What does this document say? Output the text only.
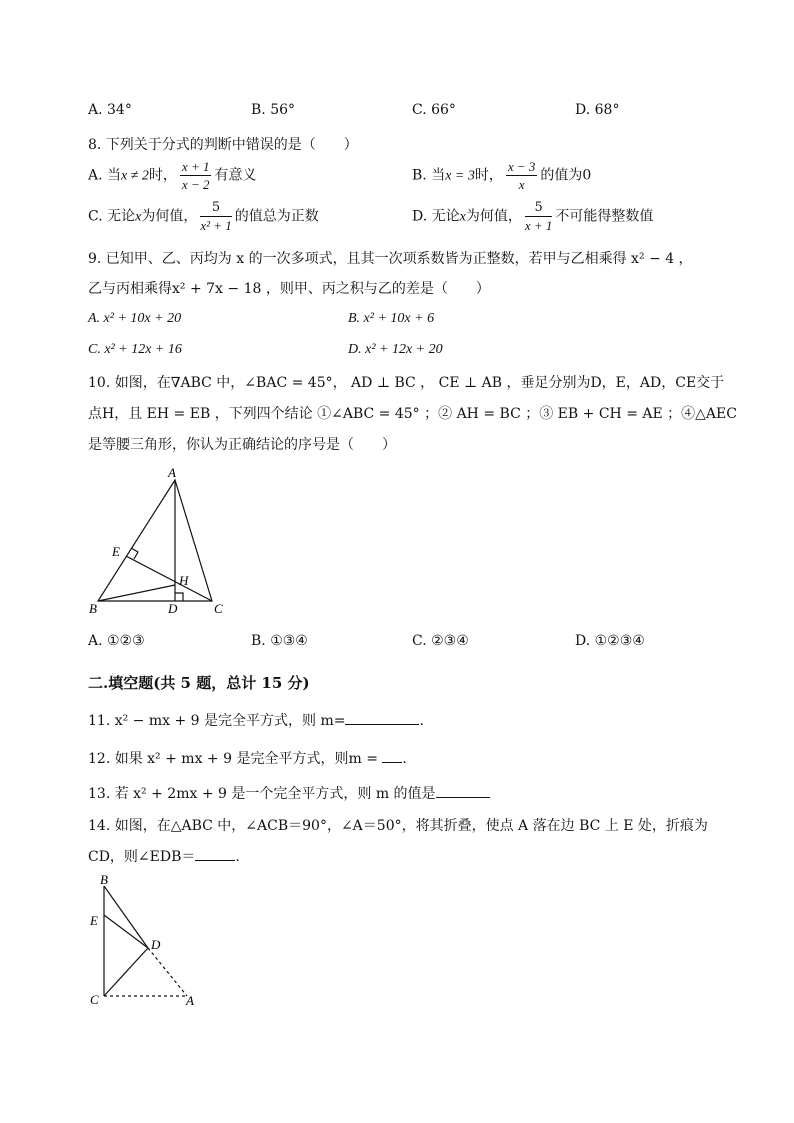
A. 34°	B. 56°	C. 66°	D. 68°
8. 下列关于分式的判断中错误的是（　　）
A. 当x ≠ 2时， $\frac{x + 1}{x - 2}$ 有意义	B. 当x = 3时， $\frac{x - 3}{x}$ 的值为0
C. 无论x为何值， $\frac{5}{\text{x² + 1}}$ 的值总为正数	D. 无论x为何值， $\frac{5}{x + 1}$ 不可能得整数值
9. 已知甲、乙、丙均为 x 的一次多项式，且其一次项系数皆为正整数，若甲与乙相乘得 x² − 4 ，
乙与丙相乘得x² + 7x − 18 ，则甲、丙之积与乙的差是（　　）
A. x² + 10x + 20	B. x² + 10x + 6
C. x² + 12x + 16	D. x² + 12x + 20
10. 如图，在∇ABC 中，∠BAC = 45°， AD ⊥ BC ， CE ⊥ AB ，垂足分别为D，E，AD，CE交于
点H，且 EH = EB ，下列四个结论 ①∠ABC = 45° ；② AH = BC ；③ EB + CH = AE ；④△AEC
是等腰三角形，你认为正确结论的序号是（　　）
A
B	C
D
E
H
A. ①②③	B. ①③④	C. ②③④	D. ①②③④
二.填空题(共 5 题，总计 15 分)
11. x² − mx + 9 是完全平方式，则 m=	.
12. 如果 x² + mx + 9 是完全平方式，则m = .
13. 若 x² + 2mx + 9 是一个完全平方式，则 m 的值是
14. 如图，在△ABC 中，∠ACB＝90°，∠A＝50°，将其折叠，使点 A 落在边 BC 上 E 处，折痕为
CD，则∠EDB＝	.
B
E
D
C	A
